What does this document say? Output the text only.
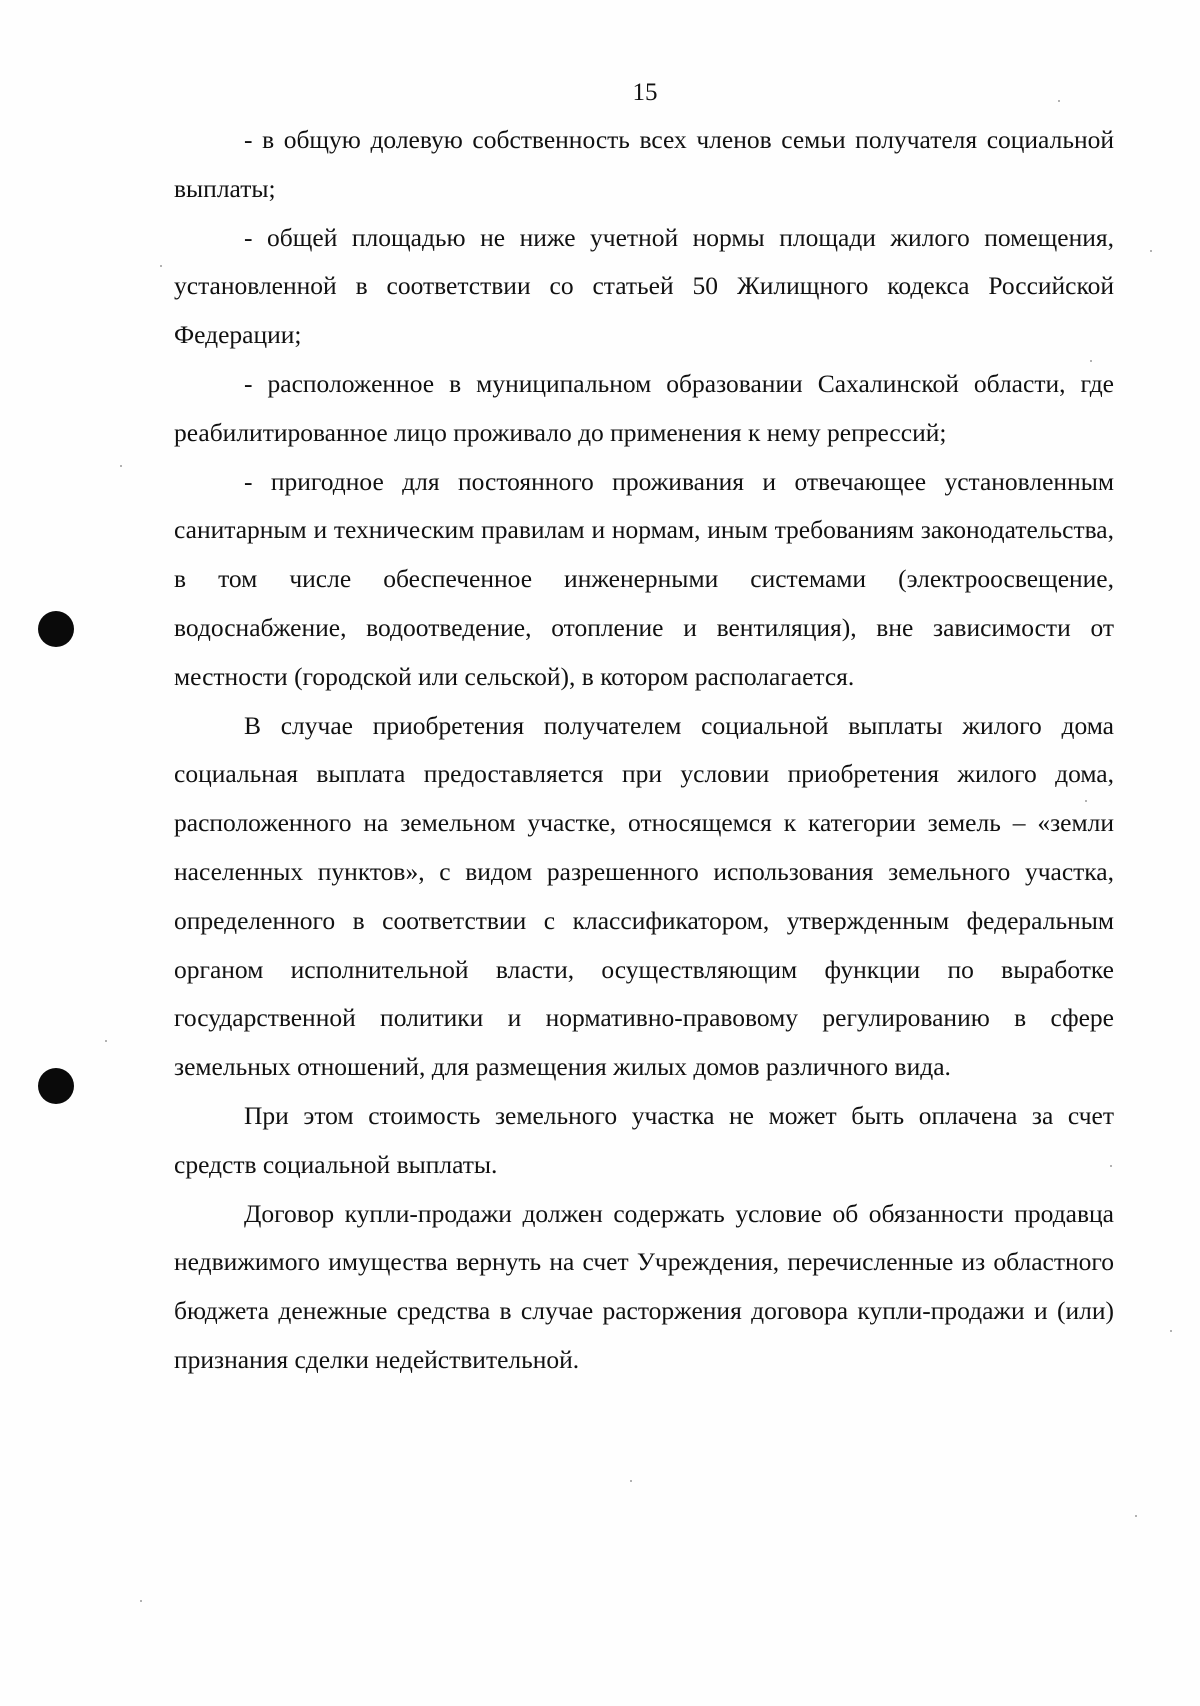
15

- в общую долевую собственность всех членов семьи получателя социальной выплаты;

- общей площадью не ниже учетной нормы площади жилого помещения, установленной в соответствии со статьей 50 Жилищного кодекса Российской Федерации;

- расположенное в муниципальном образовании Сахалинской области, где реабилитированное лицо проживало до применения к нему репрессий;

- пригодное для постоянного проживания и отвечающее установленным санитарным и техническим правилам и нормам, иным требованиям законодательства, в том числе обеспеченное инженерными системами (электроосвещение, водоснабжение, водоотведение, отопление и вентиляция), вне зависимости от местности (городской или сельской), в котором располагается.

В случае приобретения получателем социальной выплаты жилого дома социальная выплата предоставляется при условии приобретения жилого дома, расположенного на земельном участке, относящемся к категории земель – «земли населенных пунктов», с видом разрешенного использования земельного участка, определенного в соответствии с классификатором, утвержденным федеральным органом исполнительной власти, осуществляющим функции по выработке государственной политики и нормативно-правовому регулированию в сфере земельных отношений, для размещения жилых домов различного вида.

При этом стоимость земельного участка не может быть оплачена за счет средств социальной выплаты.

Договор купли-продажи должен содержать условие об обязанности продавца недвижимого имущества вернуть на счет Учреждения, перечисленные из областного бюджета денежные средства в случае расторжения договора купли-продажи и (или) признания сделки недействительной.
